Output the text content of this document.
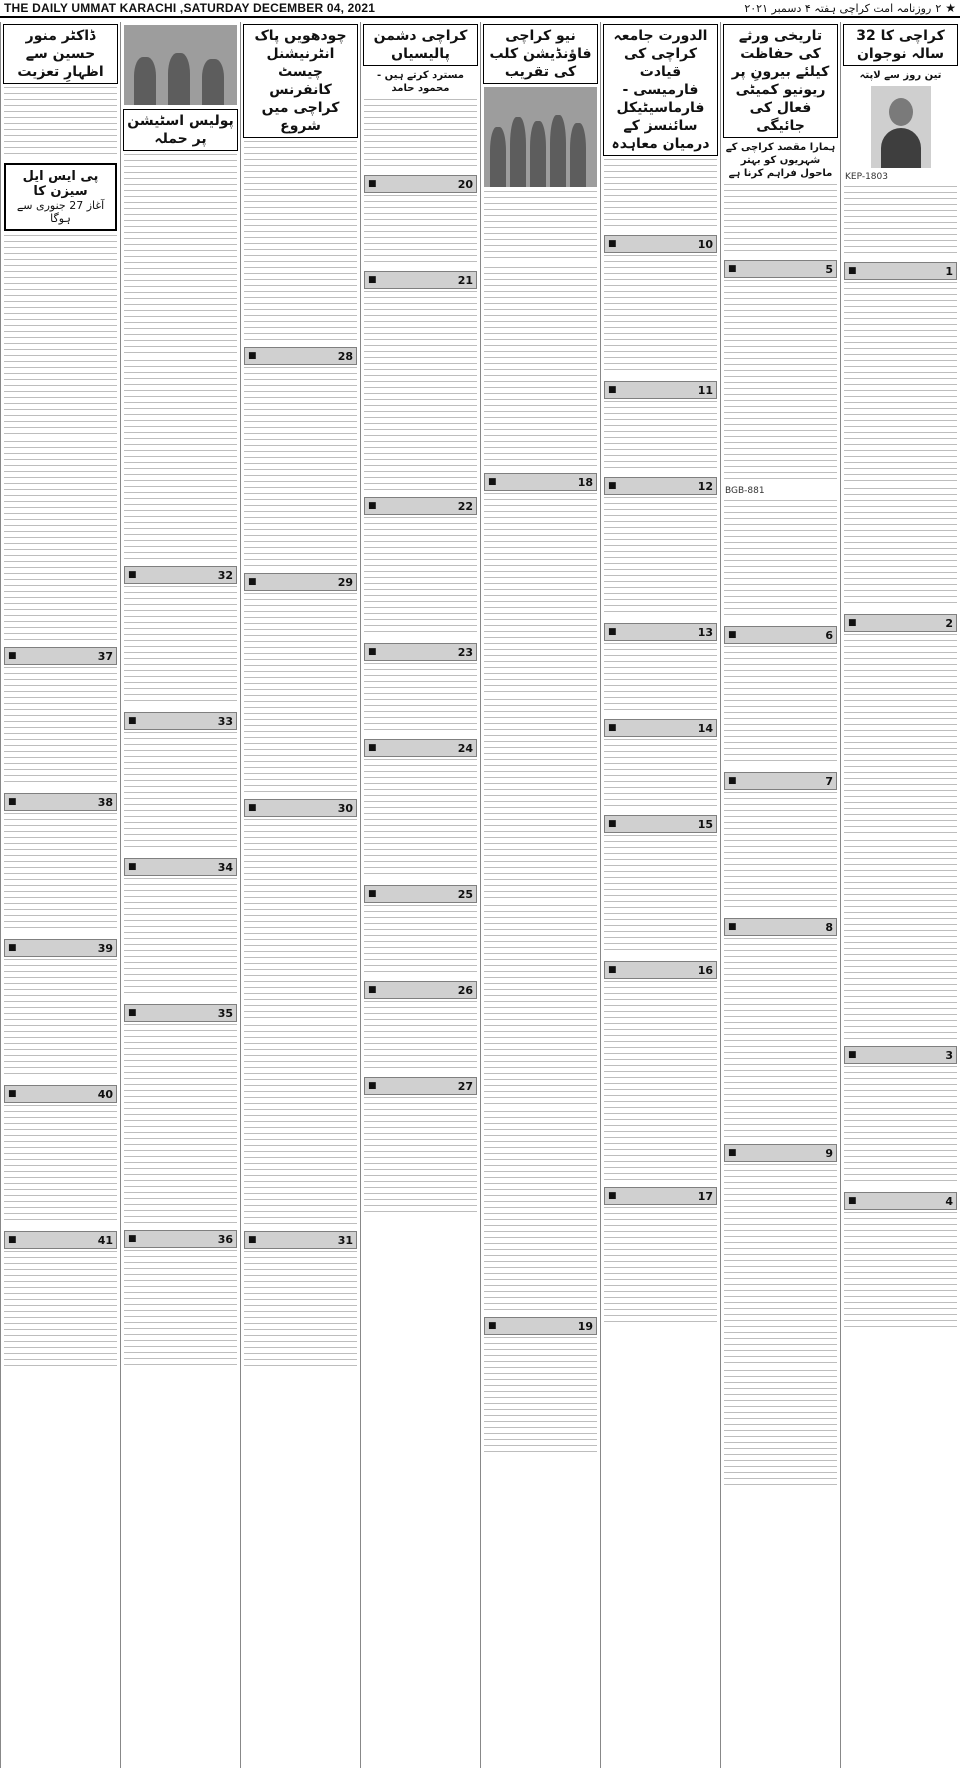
THE DAILY UMMAT KARACHI ,SATURDAY DECEMBER 04, 2021	★
۲
روزنامہ امت کراچی ہفتہ ۴ دسمبر ۲۰۲۱
کراچی کا 32 سالہ نوجوان
تین روز سے لاپتہ
KEP-1803
1
■
2
■
3
■
4
■
تاریخی ورثے کی حفاظت کیلئے بیرونِ پر ریونیو کمیٹی فعال کی جائیگی
ہمارا مقصد کراچی کے شہریوں کو بہتر ماحول فراہم کرنا ہے
5
■
BGB-881
6
■
7
■
8
■
9
■
الدورت جامعہ کراچی کی قیادت فارمیسی - فارماسیٹیکل سائنسز کے درمیان معاہدہ
10
■
11
■
12
■
13
■
14
■
15
■
16
■
17
■
نیو کراچی فاؤنڈیشن کلب کی تقریب
18
■
19
■
کراچی دشمن پالیسیاں
مسترد کرتے ہیں - محمود حامد
20
■
21
■
22
■
23
■
24
■
25
■
26
■
27
■
چودھویں پاک انٹرنیشنل چیسٹ کانفرنس کراچی میں شروع
28
■
29
■
30
■
31
■
پولیس اسٹیشن پر حملہ
32
■
33
■
34
■
35
■
36
■
ڈاکٹر منور حسین سے اظہارِ تعزیت
پی ایس ایل سیزن کا
آغاز 27 جنوری سے ہوگا
37
■
38
■
39
■
40
■
41
■
